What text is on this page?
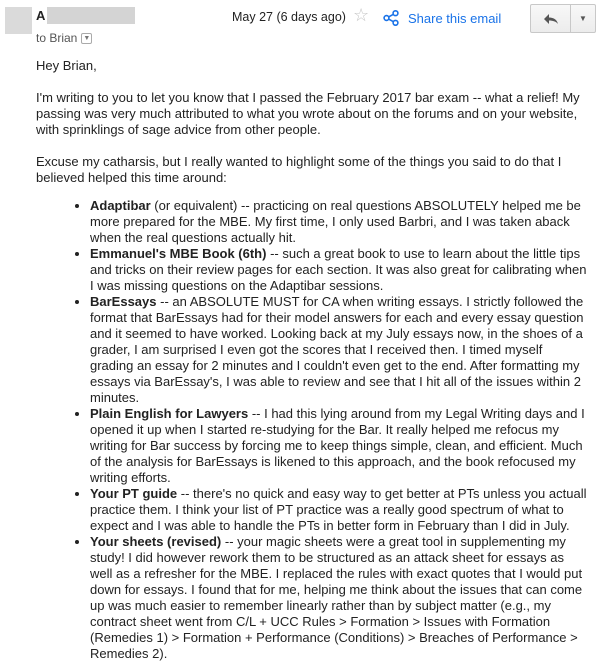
A
to Brian ▼
May 27 (6 days ago) ☆	Share this email	▼

Hey Brian,

I'm writing to you to let you know that I passed the February 2017 bar exam -- what a relief! My passing was very much attributed to what you wrote about on the forums and on your website, with sprinklings of sage advice from other people.

Excuse my catharsis, but I really wanted to highlight some of the things you said to do that I believed helped this time around:

• Adaptibar (or equivalent) -- practicing on real questions ABSOLUTELY helped me be more prepared for the MBE. My first time, I only used Barbri, and I was taken aback when the real questions actually hit.
• Emmanuel's MBE Book (6th) -- such a great book to use to learn about the little tips and tricks on their review pages for each section. It was also great for calibrating when I was missing questions on the Adaptibar sessions.
• BarEssays -- an ABSOLUTE MUST for CA when writing essays. I strictly followed the format that BarEssays had for their model answers for each and every essay question and it seemed to have worked. Looking back at my July essays now, in the shoes of a grader, I am surprised I even got the scores that I received then. I timed myself grading an essay for 2 minutes and I couldn't even get to the end. After formatting my essays via BarEssay's, I was able to review and see that I hit all of the issues within 2 minutes.
• Plain English for Lawyers -- I had this lying around from my Legal Writing days and I opened it up when I started re-studying for the Bar. It really helped me refocus my writing for Bar success by forcing me to keep things simple, clean, and efficient. Much of the analysis for BarEssays is likened to this approach, and the book refocused my writing efforts.
• Your PT guide -- there's no quick and easy way to get better at PTs unless you actuall practice them. I think your list of PT practice was a really good spectrum of what to expect and I was able to handle the PTs in better form in February than I did in July.
• Your sheets (revised) -- your magic sheets were a great tool in supplementing my study! I did however rework them to be structured as an attack sheet for essays as well as a refresher for the MBE. I replaced the rules with exact quotes that I would put down for essays. I found that for me, helping me think about the issues that can come up was much easier to remember linearly rather than by subject matter (e.g., my contract sheet went from C/L + UCC Rules > Formation > Issues with Formation (Remedies 1) > Formation + Performance (Conditions) > Breaches of Performance > Remedies 2).
